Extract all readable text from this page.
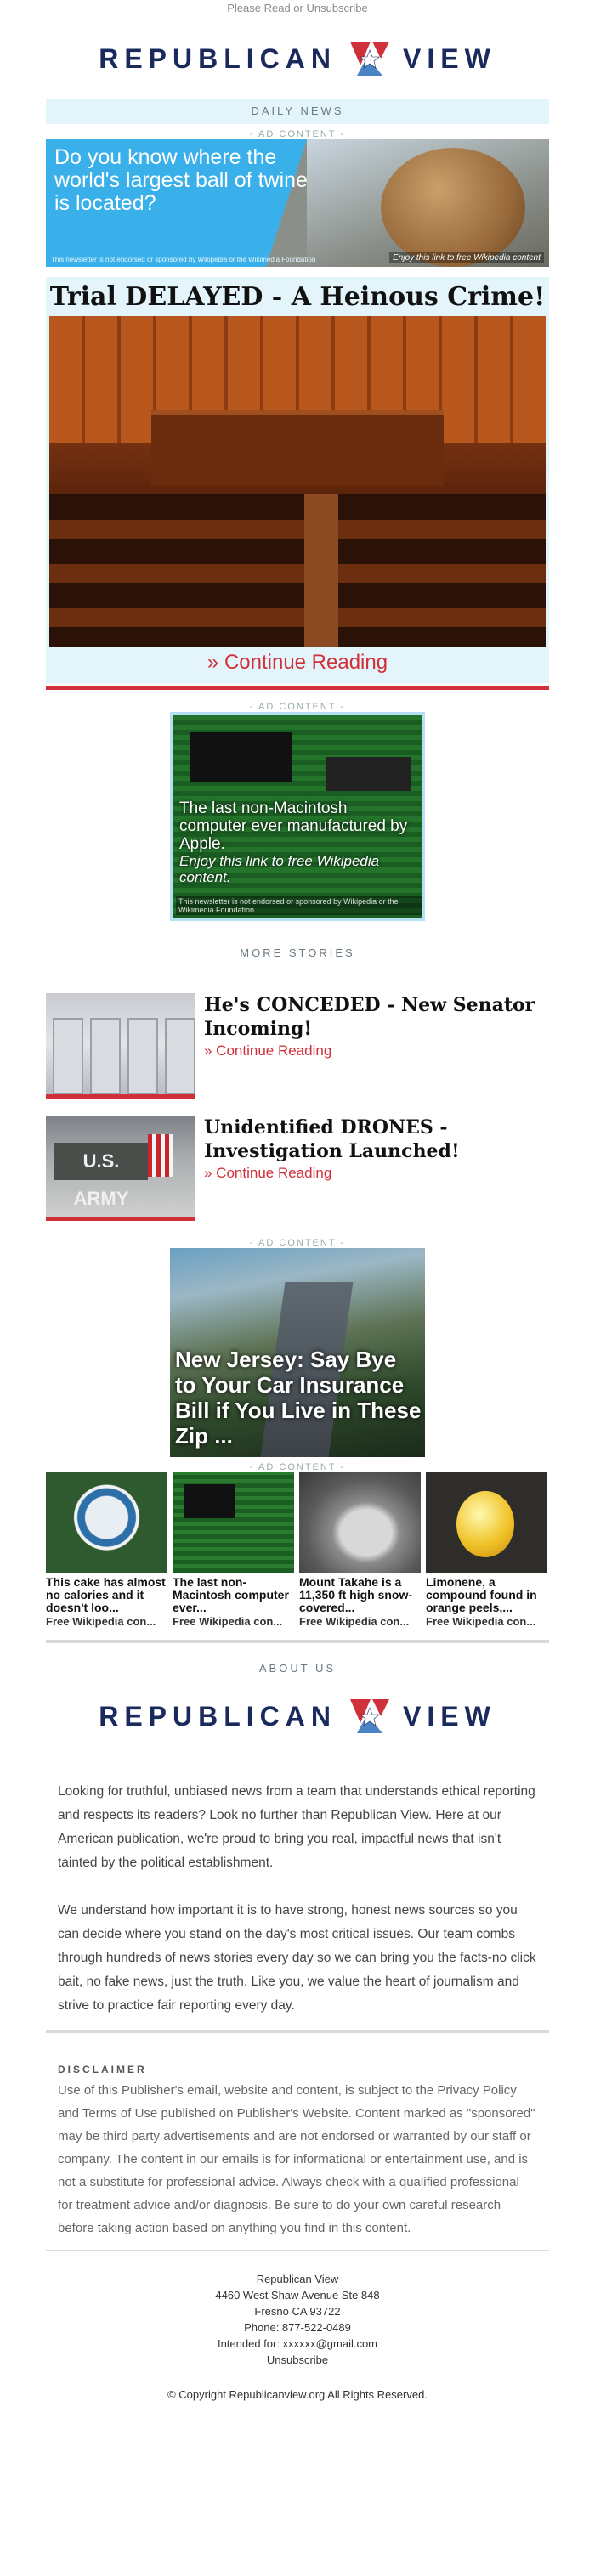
Please Read or Unsubscribe
REPUBLICAN VIEW
DAILY NEWS
- AD CONTENT -
Do you know where the world's largest ball of twine is located?
This newsletter is not endorsed or sponsored by Wikipedia or the Wikimedia Foundation	Enjoy this link to free Wikipedia content
Trial DELAYED - A Heinous Crime!
» Continue Reading
- AD CONTENT -
The last non-Macintosh computer ever manufactured by Apple.
Enjoy this link to free Wikipedia content.
This newsletter is not endorsed or sponsored by Wikipedia or the Wikimedia Foundation
MORE STORIES
He's CONCEDED - New Senator Incoming!
» Continue Reading
U.S. ARMY
Unidentified DRONES - Investigation Launched!
» Continue Reading
- AD CONTENT -
New Jersey: Say Bye to Your Car Insurance Bill if You Live in These Zip ...
- AD CONTENT -
This cake has almost no calories and it doesn't loo...
Free Wikipedia con...
The last non-Macintosh computer ever...
Free Wikipedia con...
Mount Takahe is a 11,350 ft high snow-covered...
Free Wikipedia con...
Limonene, a compound found in orange peels,...
Free Wikipedia con...
ABOUT US
REPUBLICAN VIEW

Looking for truthful, unbiased news from a team that understands ethical reporting and respects its readers? Look no further than Republican View. Here at our American publication, we're proud to bring you real, impactful news that isn't tainted by the political establishment.

We understand how important it is to have strong, honest news sources so you can decide where you stand on the day's most critical issues. Our team combs through hundreds of news stories every day so we can bring you the facts-no click bait, no fake news, just the truth. Like you, we value the heart of journalism and strive to practice fair reporting every day.

DISCLAIMER

Use of this Publisher's email, website and content, is subject to the Privacy Policy and Terms of Use published on Publisher's Website. Content marked as "sponsored" may be third party advertisements and are not endorsed or warranted by our staff or company. The content in our emails is for informational or entertainment use, and is not a substitute for professional advice. Always check with a qualified professional for treatment advice and/or diagnosis. Be sure to do your own careful research before taking action based on anything you find in this content.

Republican View
4460 West Shaw Avenue Ste 848
Fresno CA 93722
Phone: 877-522-0489
Intended for: xxxxxx@gmail.com
Unsubscribe
© Copyright Republicanview.org All Rights Reserved.
